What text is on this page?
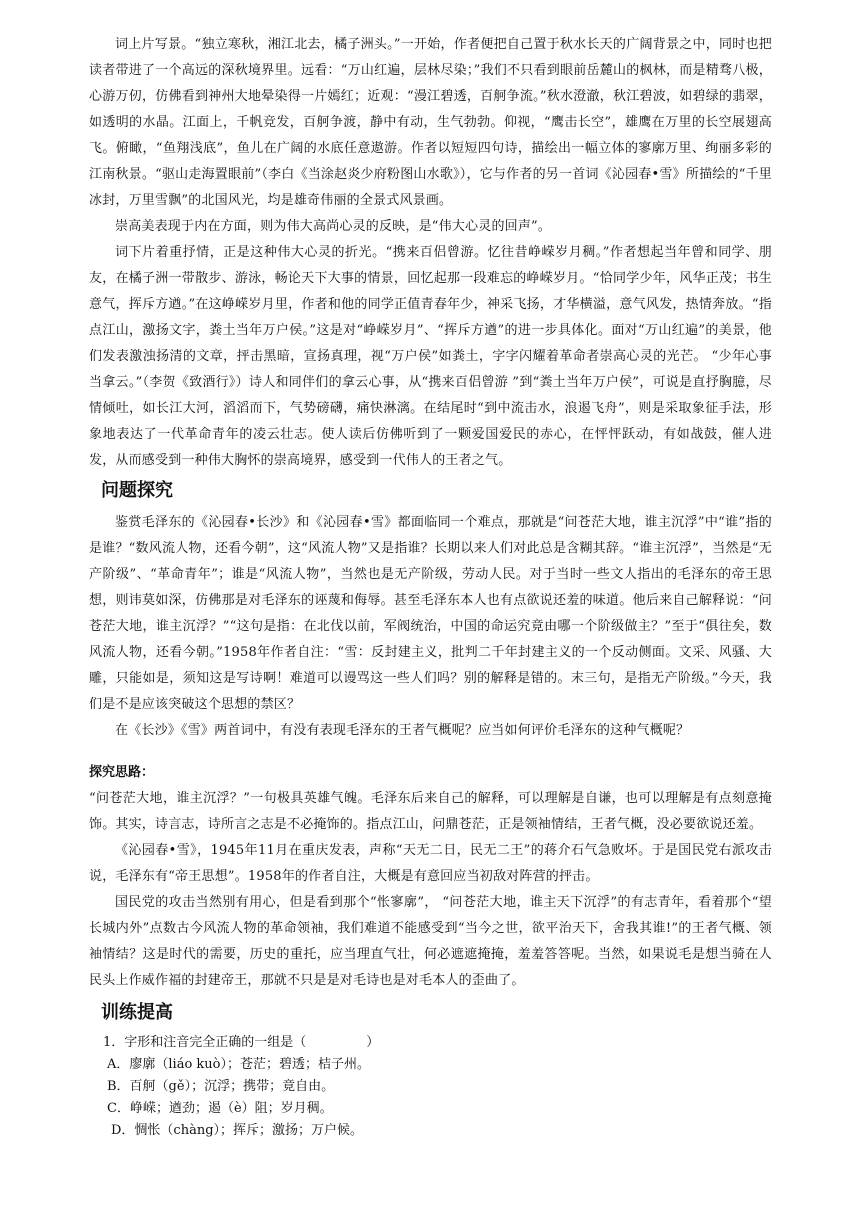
词上片写景。“独立寒秋，湘江北去，橘子洲头。”一开始，作者便把自己置于秋水长天的广阔背景之中，同时也把读者带进了一个高远的深秋境界里。远看：“万山红遍，层林尽染；”我们不只看到眼前岳麓山的枫林，而是精骛八极，心游万仞，仿佛看到神州大地晕染得一片嫣红；近观：“漫江碧透，百舸争流。”秋水澄澈，秋江碧波，如碧绿的翡翠，如透明的水晶。江面上，千帆竞发，百舸争渡，静中有动，生气勃勃。仰视，“鹰击长空”，雄鹰在万里的长空展翅高飞。俯瞰，“鱼翔浅底”，鱼儿在广阔的水底任意遨游。作者以短短四句诗，描绘出一幅立体的寥廓万里、绚丽多彩的江南秋景。“驱山走海置眼前”（李白《当涂赵炎少府粉图山水歌》），它与作者的另一首词《沁园春•雪》所描绘的“千里冰封，万里雪飘”的北国风光，均是雄奇伟丽的全景式风景画。

崇高美表现于内在方面，则为伟大高尚心灵的反映，是“伟大心灵的回声”。

词下片着重抒情，正是这种伟大心灵的折光。“携来百侣曾游。忆往昔峥嵘岁月稠。”作者想起当年曾和同学、朋友，在橘子洲一带散步、游泳，畅论天下大事的情景，回忆起那一段难忘的峥嵘岁月。“恰同学少年，风华正茂；书生意气，挥斥方遒。”在这峥嵘岁月里，作者和他的同学正值青春年少，神采飞扬，才华横溢，意气风发，热情奔放。“指点江山，激扬文字，粪土当年万户侯。”这是对“峥嵘岁月”、“挥斥方遒”的进一步具体化。面对“万山红遍”的美景，他们发表激浊扬清的文章，抨击黑暗，宣扬真理，视“万户侯”如粪土，字字闪耀着革命者崇高心灵的光芒。 “少年心事当拿云。”（李贺《致酒行》）诗人和同伴们的拿云心事，从“携来百侣曾游 ”到“粪土当年万户侯”，可说是直抒胸臆，尽情倾吐，如长江大河，滔滔而下，气势磅礴，痛快淋漓。在结尾时“到中流击水，浪遏飞舟”，则是采取象征手法，形象地表达了一代革命青年的凌云壮志。使人读后仿佛听到了一颗爱国爱民的赤心，在怦怦跃动，有如战鼓，催人进发，从而感受到一种伟大胸怀的崇高境界，感受到一代伟人的王者之气。

问题探究

鉴赏毛泽东的《沁园春•长沙》和《沁园春•雪》都面临同一个难点，那就是“问苍茫大地，谁主沉浮”中“谁”指的是谁？“数风流人物，还看今朝”，这“风流人物”又是指谁？长期以来人们对此总是含糊其辞。“谁主沉浮”，当然是“无产阶级”、“革命青年”；谁是“风流人物”，当然也是无产阶级，劳动人民。对于当时一些文人指出的毛泽东的帝王思想，则讳莫如深，仿佛那是对毛泽东的诬蔑和侮辱。甚至毛泽东本人也有点欲说还羞的味道。他后来自己解释说：“问苍茫大地，谁主沉浮？”“这句是指：在北伐以前，军阀统治，中国的命运究竟由哪一个阶级做主？”至于“俱往矣，数风流人物，还看今朝。”1958年作者自注：“雪：反封建主义，批判二千年封建主义的一个反动侧面。文采、风骚、大雕，只能如是，须知这是写诗啊！难道可以谩骂这一些人们吗？别的解释是错的。末三句，是指无产阶级。”今天，我们是不是应该突破这个思想的禁区？

在《长沙》《雪》两首词中，有没有表现毛泽东的王者气概呢？应当如何评价毛泽东的这种气概呢？

探究思路：

“问苍茫大地，谁主沉浮？”一句极具英雄气魄。毛泽东后来自己的解释，可以理解是自谦，也可以理解是有点刻意掩饰。其实，诗言志，诗所言之志是不必掩饰的。指点江山，问鼎苍茫，正是领袖情结，王者气概，没必要欲说还羞。

《沁园春•雪》，1945年11月在重庆发表，声称“天无二日，民无二王”的蒋介石气急败坏。于是国民党右派攻击说，毛泽东有“帝王思想”。1958年的作者自注，大概是有意回应当初敌对阵营的抨击。

国民党的攻击当然别有用心，但是看到那个“怅寥廓”， “问苍茫大地，谁主天下沉浮”的有志青年，看着那个“望长城内外”点数古今风流人物的革命领袖，我们难道不能感受到“当今之世，欲平治天下，舍我其谁!”的王者气概、领袖情结？这是时代的需要，历史的重托，应当理直气壮，何必遮遮掩掩，羞羞答答呢。当然，如果说毛是想当骑在人民头上作威作福的封建帝王，那就不只是是对毛诗也是对毛本人的歪曲了。

训练提高

1．字形和注音完全正确的一组是（	）

A．廖廓（liáo kuò）；苍茫；碧透；桔子州。

B．百舸（gě）；沉浮；携带；竟自由。

C．峥嵘；遒劲；遏（è）阻；岁月稠。

D．惆怅（chàng）；挥斥；激扬；万户候。
